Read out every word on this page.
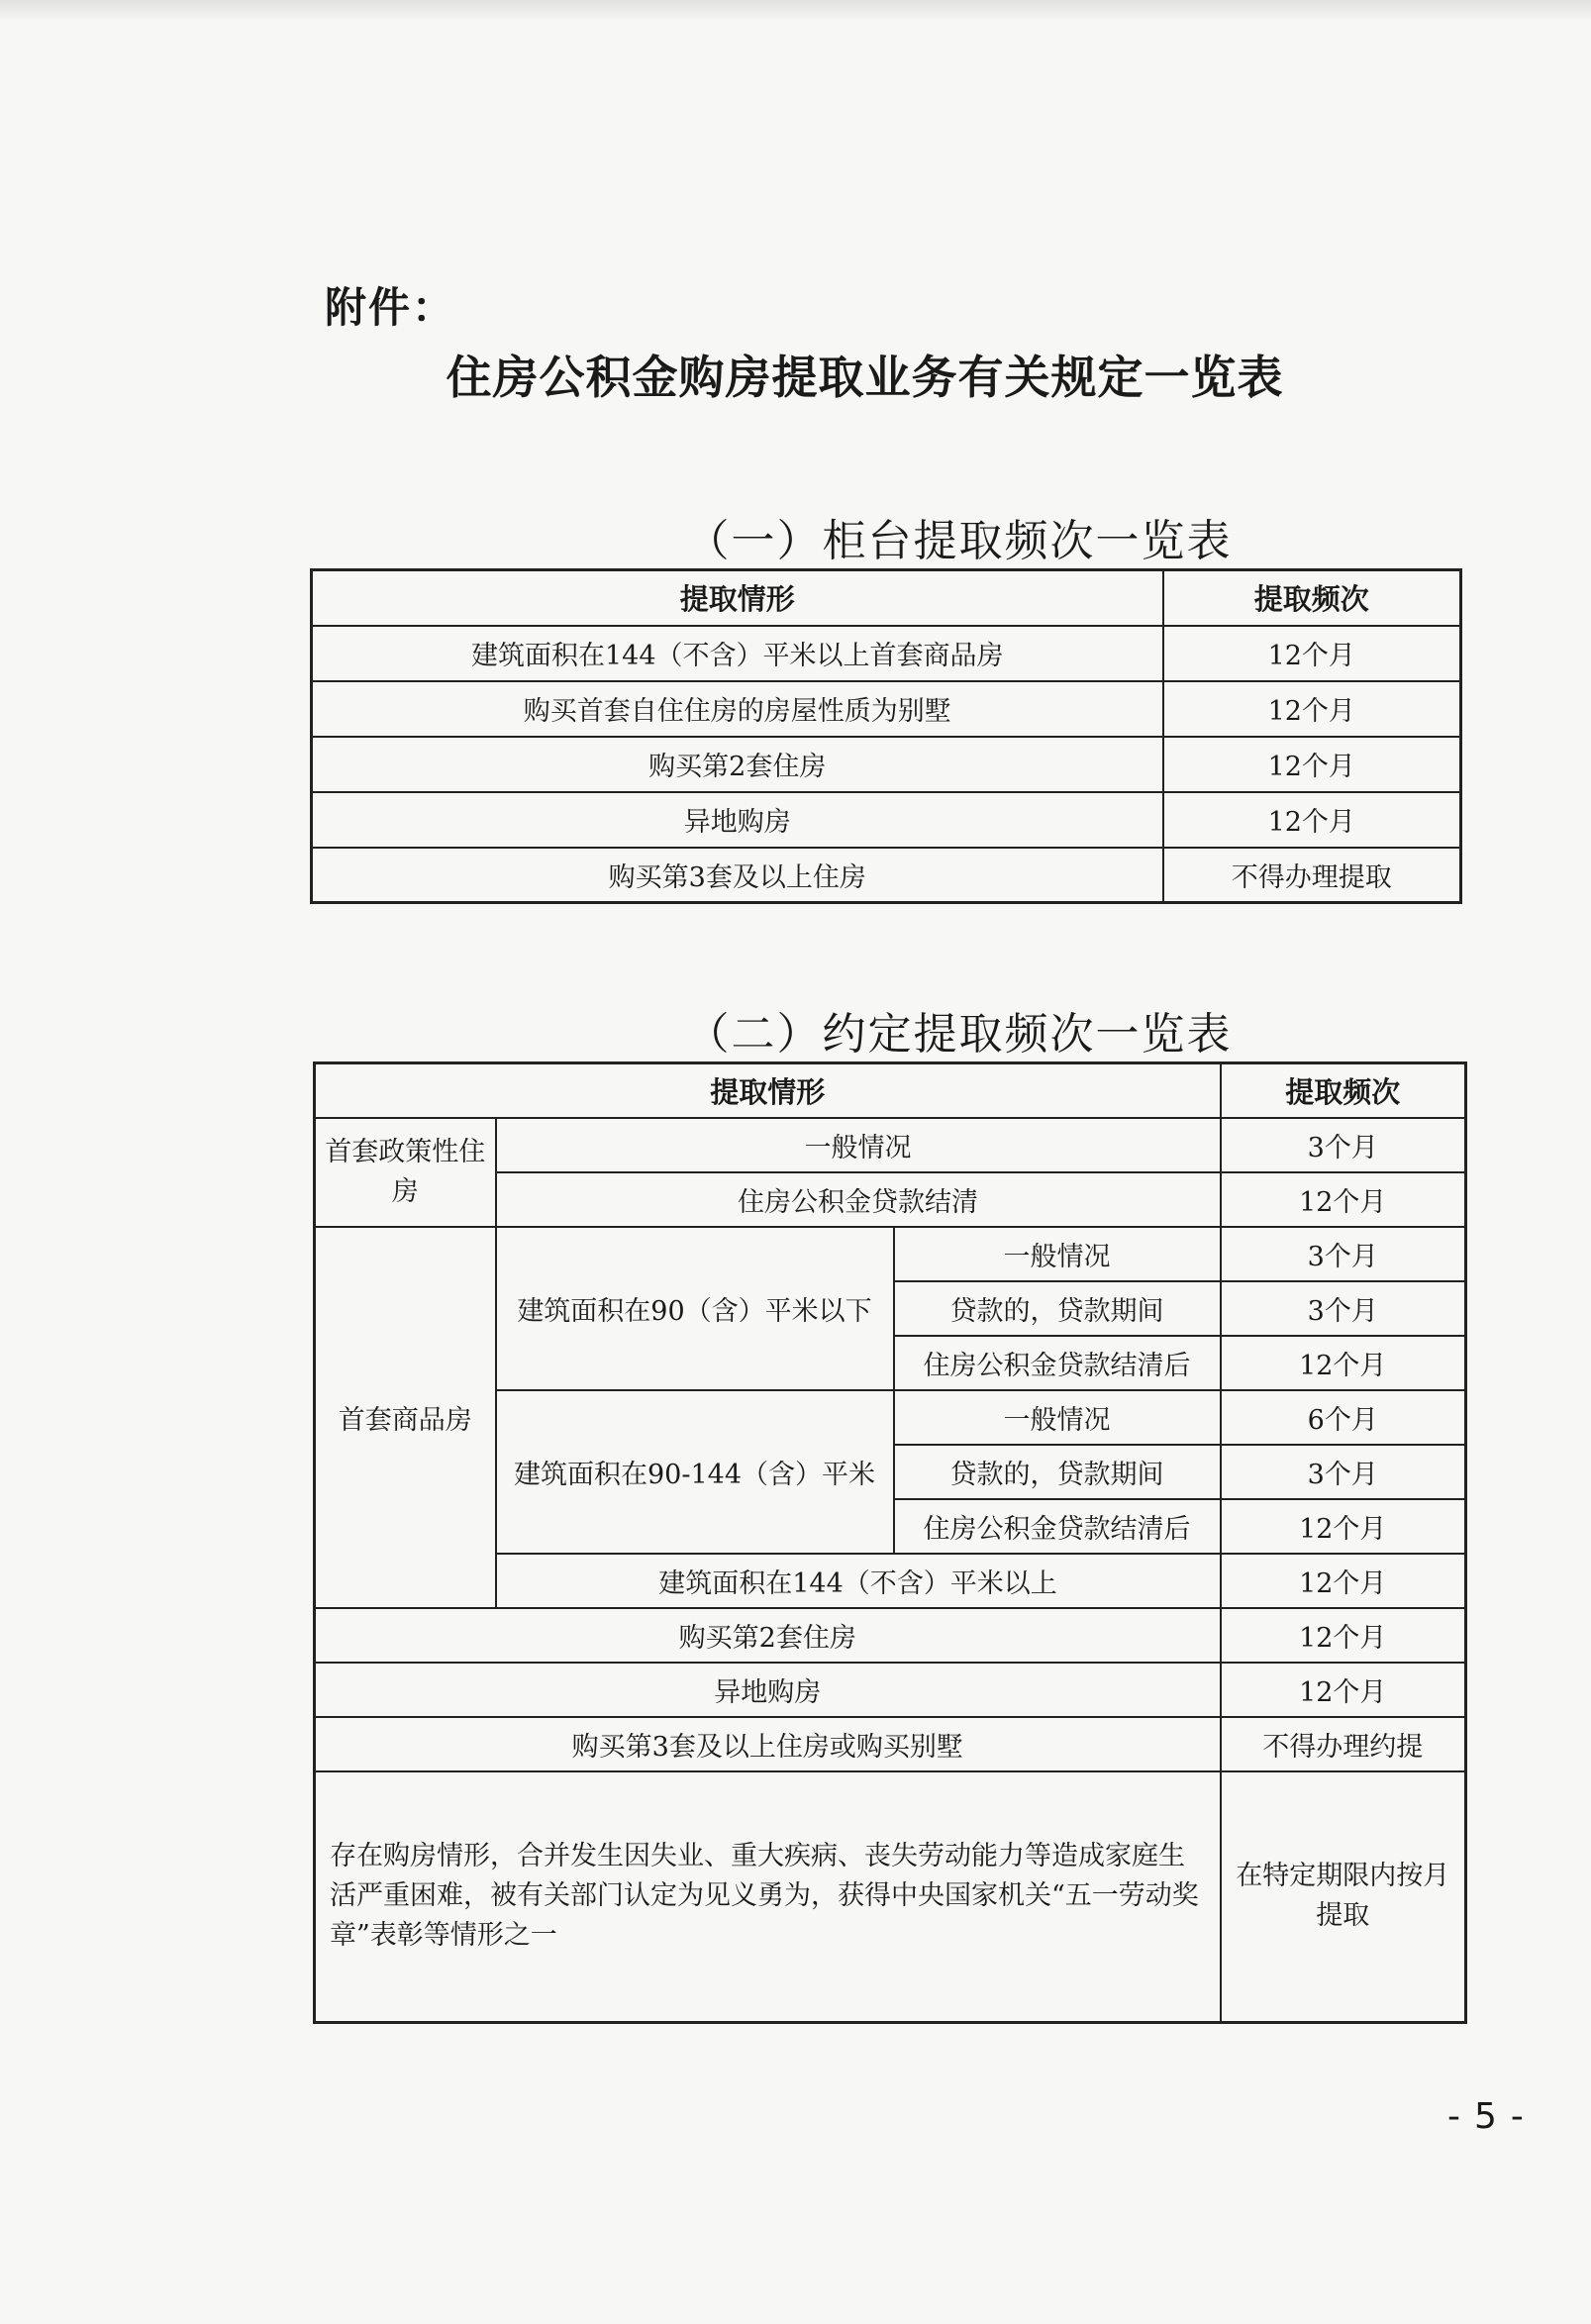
附件：
住房公积金购房提取业务有关规定一览表
（一）柜台提取频次一览表
提取情形	提取频次
建筑面积在144（不含）平米以上首套商品房	12个月
购买首套自住住房的房屋性质为别墅	12个月
购买第2套住房	12个月
异地购房	12个月
购买第3套及以上住房	不得办理提取
（二）约定提取频次一览表
提取情形			提取频次
首套政策性住房	一般情况		3个月
	住房公积金贷款结清		12个月
首套商品房	建筑面积在90（含）平米以下	一般情况	3个月
		贷款的，贷款期间	3个月
		住房公积金贷款结清后	12个月
	建筑面积在90-144（含）平米	一般情况	6个月
		贷款的，贷款期间	3个月
		住房公积金贷款结清后	12个月
	建筑面积在144（不含）平米以上		12个月
购买第2套住房			12个月
异地购房			12个月
购买第3套及以上住房或购买别墅			不得办理约提
存在购房情形，合并发生因失业、重大疾病、丧失劳动能力等造成家庭生活严重困难，被有关部门认定为见义勇为，获得中央国家机关“五一劳动奖章”表彰等情形之一			在特定期限内按月提取
-5-
